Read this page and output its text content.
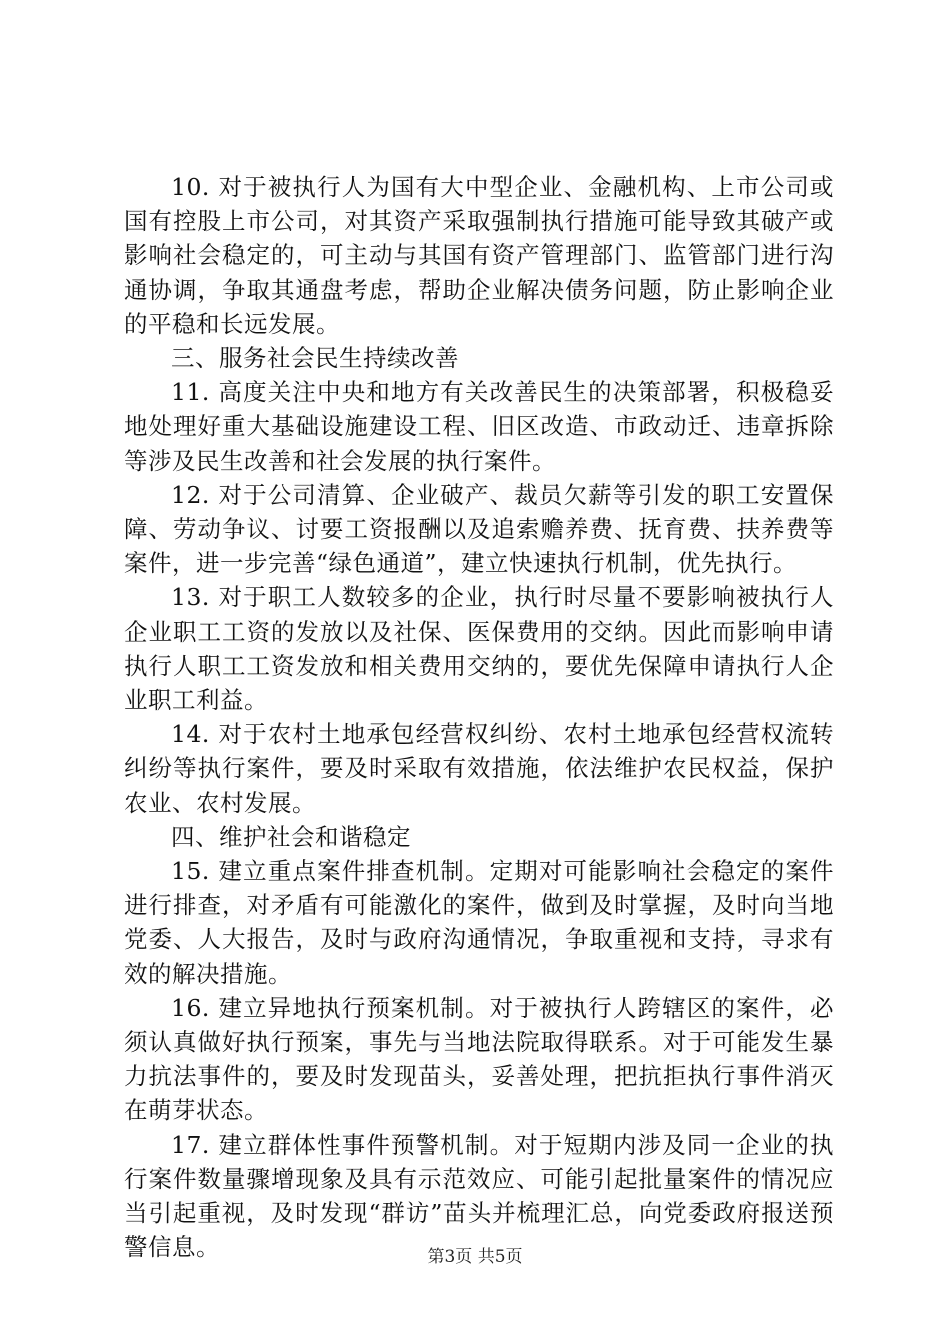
10. 对于被执行人为国有大中型企业、金融机构、上市公司或国有控股上市公司，对其资产采取强制执行措施可能导致其破产或影响社会稳定的，可主动与其国有资产管理部门、监管部门进行沟通协调，争取其通盘考虑，帮助企业解决债务问题，防止影响企业的平稳和长远发展。

三、服务社会民生持续改善

11. 高度关注中央和地方有关改善民生的决策部署，积极稳妥地处理好重大基础设施建设工程、旧区改造、市政动迁、违章拆除等涉及民生改善和社会发展的执行案件。

12. 对于公司清算、企业破产、裁员欠薪等引发的职工安置保障、劳动争议、讨要工资报酬以及追索赡养费、抚育费、扶养费等案件，进一步完善“绿色通道”，建立快速执行机制，优先执行。

13. 对于职工人数较多的企业，执行时尽量不要影响被执行人企业职工工资的发放以及社保、医保费用的交纳。因此而影响申请执行人职工工资发放和相关费用交纳的，要优先保障申请执行人企业职工利益。

14. 对于农村土地承包经营权纠纷、农村土地承包经营权流转纠纷等执行案件，要及时采取有效措施，依法维护农民权益，保护农业、农村发展。

四、维护社会和谐稳定

15. 建立重点案件排查机制。定期对可能影响社会稳定的案件进行排查，对矛盾有可能激化的案件，做到及时掌握，及时向当地党委、人大报告，及时与政府沟通情况，争取重视和支持，寻求有效的解决措施。

16. 建立异地执行预案机制。对于被执行人跨辖区的案件，必须认真做好执行预案，事先与当地法院取得联系。对于可能发生暴力抗法事件的，要及时发现苗头，妥善处理，把抗拒执行事件消灭在萌芽状态。

17. 建立群体性事件预警机制。对于短期内涉及同一企业的执行案件数量骤增现象及具有示范效应、可能引起批量案件的情况应当引起重视，及时发现“群访”苗头并梳理汇总，向党委政府报送预警信息。	第3页 共5页
